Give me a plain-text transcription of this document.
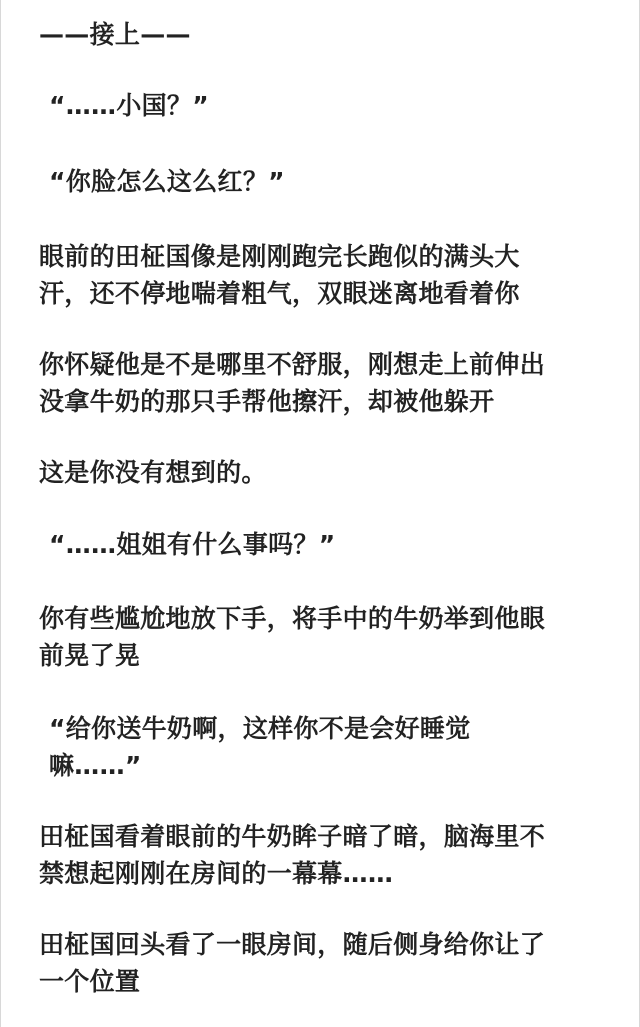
——接上——

“……小国？”

“你脸怎么这么红？”

眼前的田柾国像是刚刚跑完长跑似的满头大
汗，还不停地喘着粗气，双眼迷离地看着你

你怀疑他是不是哪里不舒服，刚想走上前伸出
没拿牛奶的那只手帮他擦汗，却被他躲开

这是你没有想到的。

“……姐姐有什么事吗？”

你有些尴尬地放下手，将手中的牛奶举到他眼
前晃了晃

“给你送牛奶啊，这样你不是会好睡觉
嘛……”

田柾国看着眼前的牛奶眸子暗了暗，脑海里不
禁想起刚刚在房间的一幕幕……

田柾国回头看了一眼房间，随后侧身给你让了
一个位置
